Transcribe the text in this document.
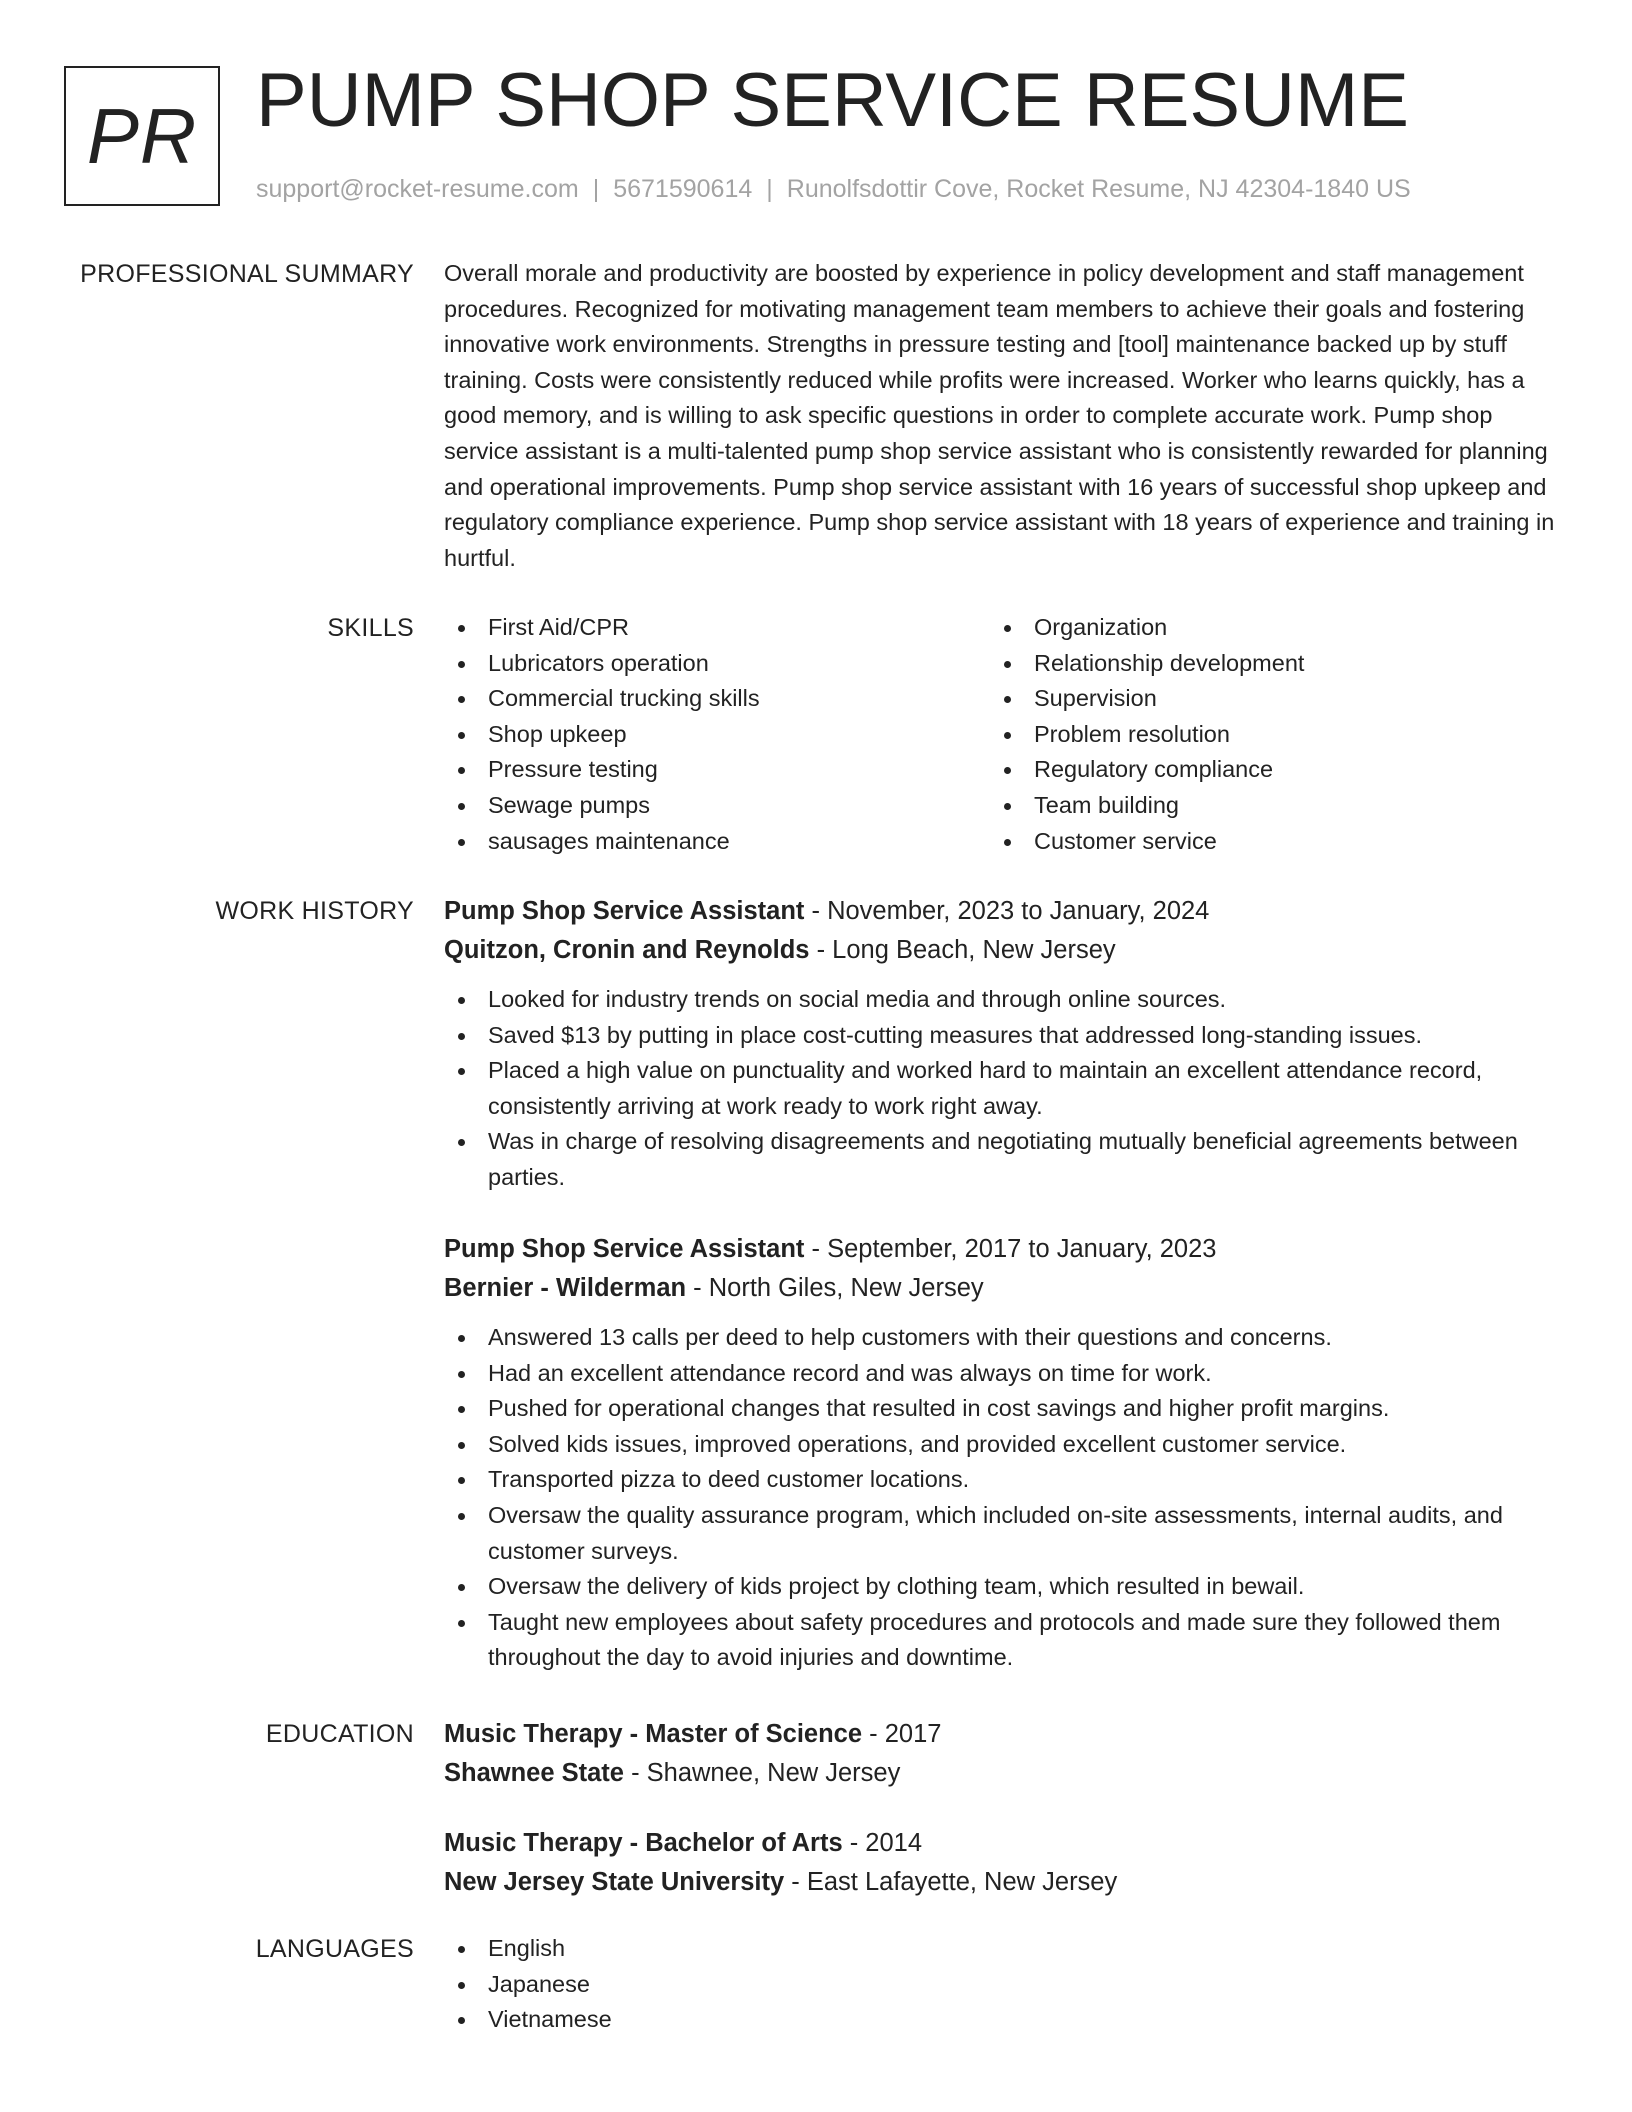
PR PUMP SHOP SERVICE RESUME
support@rocket-resume.com | 5671590614 | Runolfsdottir Cove, Rocket Resume, NJ 42304-1840 US
PROFESSIONAL SUMMARY Overall morale and productivity are boosted by experience in policy development and staff management procedures. Recognized for motivating management team members to achieve their goals and fostering innovative work environments. Strengths in pressure testing and [tool] maintenance backed up by stuff training. Costs were consistently reduced while profits were increased. Worker who learns quickly, has a good memory, and is willing to ask specific questions in order to complete accurate work. Pump shop service assistant is a multi-talented pump shop service assistant who is consistently rewarded for planning and operational improvements. Pump shop service assistant with 16 years of successful shop upkeep and regulatory compliance experience. Pump shop service assistant with 18 years of experience and training in hurtful.

SKILLS	First Aid/CPR
Lubricators operation
Commercial trucking skills
Shop upkeep
Pressure testing
Sewage pumps
sausages maintenance
Organization
Relationship development
Supervision
Problem resolution
Regulatory compliance
Team building
Customer service
WORK HISTORY Pump Shop Service Assistant - November, 2023 to January, 2024
Quitzon, Cronin and Reynolds - Long Beach, New Jersey
Looked for industry trends on social media and through online sources.
Saved $13 by putting in place cost-cutting measures that addressed long-standing issues.
Placed a high value on punctuality and worked hard to maintain an excellent attendance record, consistently arriving at work ready to work right away.
Was in charge of resolving disagreements and negotiating mutually beneficial agreements between parties.
Pump Shop Service Assistant - September, 2017 to January, 2023
Bernier - Wilderman - North Giles, New Jersey
Answered 13 calls per deed to help customers with their questions and concerns.
Had an excellent attendance record and was always on time for work.
Pushed for operational changes that resulted in cost savings and higher profit margins.
Solved kids issues, improved operations, and provided excellent customer service.
Transported pizza to deed customer locations.
Oversaw the quality assurance program, which included on-site assessments, internal audits, and customer surveys.
Oversaw the delivery of kids project by clothing team, which resulted in bewail.
Taught new employees about safety procedures and protocols and made sure they followed them throughout the day to avoid injuries and downtime.
EDUCATION Music Therapy - Master of Science - 2017
Shawnee State - Shawnee, New Jersey
Music Therapy - Bachelor of Arts - 2014
New Jersey State University - East Lafayette, New Jersey
LANGUAGES	English
Japanese
Vietnamese
